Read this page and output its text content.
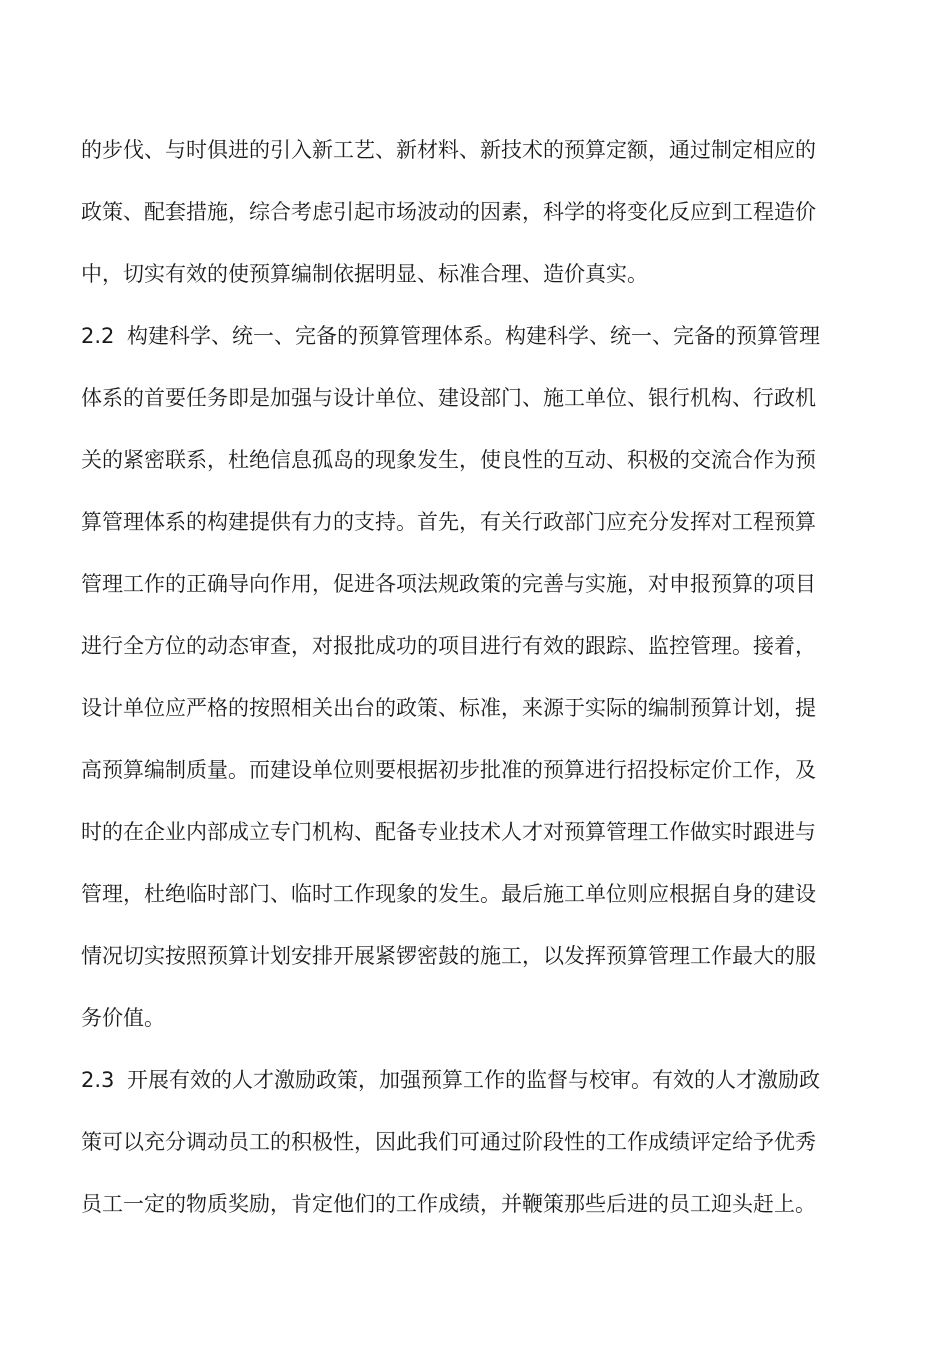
的步伐、与时俱进的引入新工艺、新材料、新技术的预算定额，通过制定相应的
政策、配套措施，综合考虑引起市场波动的因素，科学的将变化反应到工程造价
中，切实有效的使预算编制依据明显、标准合理、造价真实。
2.2 构建科学、统一、完备的预算管理体系。构建科学、统一、完备的预算管理
体系的首要任务即是加强与设计单位、建设部门、施工单位、银行机构、行政机
关的紧密联系，杜绝信息孤岛的现象发生，使良性的互动、积极的交流合作为预
算管理体系的构建提供有力的支持。首先，有关行政部门应充分发挥对工程预算
管理工作的正确导向作用，促进各项法规政策的完善与实施，对申报预算的项目
进行全方位的动态审查，对报批成功的项目进行有效的跟踪、监控管理。接着，
设计单位应严格的按照相关出台的政策、标准，来源于实际的编制预算计划，提
高预算编制质量。而建设单位则要根据初步批准的预算进行招投标定价工作，及
时的在企业内部成立专门机构、配备专业技术人才对预算管理工作做实时跟进与
管理，杜绝临时部门、临时工作现象的发生。最后施工单位则应根据自身的建设
情况切实按照预算计划安排开展紧锣密鼓的施工，以发挥预算管理工作最大的服
务价值。
2.3 开展有效的人才激励政策，加强预算工作的监督与校审。有效的人才激励政
策可以充分调动员工的积极性，因此我们可通过阶段性的工作成绩评定给予优秀
员工一定的物质奖励，肯定他们的工作成绩，并鞭策那些后进的员工迎头赶上。
